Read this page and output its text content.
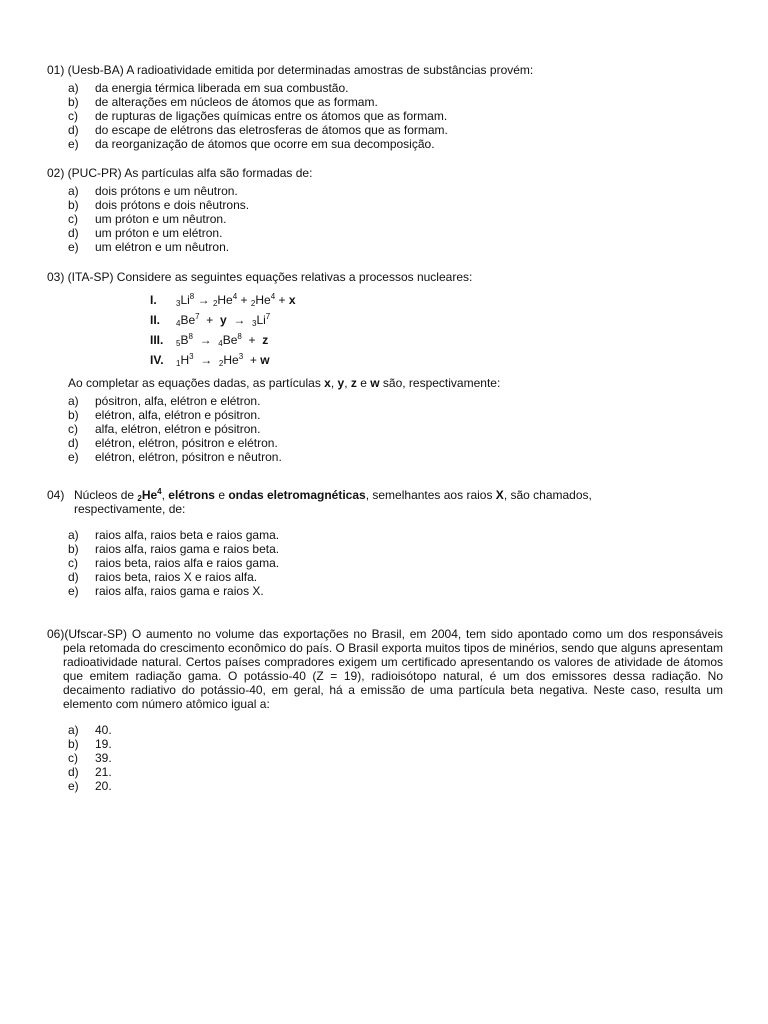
01) (Uesb-BA) A radioatividade emitida por determinadas amostras de substâncias provém:

a)	da energia térmica liberada em sua combustão.
b)	de alterações em núcleos de átomos que as formam.
c)	de rupturas de ligações químicas entre os átomos que as formam.
d)	do escape de elétrons das eletrosferas de átomos que as formam.
e)	da reorganização de átomos que ocorre em sua decomposição.

02) (PUC-PR) As partículas alfa são formadas de:

a)	dois prótons e um nêutron.
b)	dois prótons e dois nêutrons.
c)	um próton e um nêutron.
d)	um próton e um elétron.
e)	um elétron e um nêutron.

03) (ITA-SP) Considere as seguintes equações relativas a processos nucleares:

I.	$_3Li^8 \to _2He^4 + _2He^4 + x$
II.	$_4Be^7 + y \to _3Li^7$
III.	$_5B^8 \to _4Be^8 + z$
IV.	$_1H^3 \to _2He^3 + w$

Ao completar as equações dadas, as partículas x, y, z e w são, respectivamente:

a)	pósitron, alfa, elétron e elétron.
b)	elétron, alfa, elétron e pósitron.
c)	alfa, elétron, elétron e pósitron.
d)	elétron, elétron, pósitron e elétron.
e)	elétron, elétron, pósitron e nêutron.

04) Núcleos de $_2He^4$, elétrons e ondas eletromagnéticas, semelhantes aos raios X, são chamados,
respectivamente, de:

a)	raios alfa, raios beta e raios gama.
b)	raios alfa, raios gama e raios beta.
c)	raios beta, raios alfa e raios gama.
d)	raios beta, raios X e raios alfa.
e)	raios alfa, raios gama e raios X.

06)(Ufscar-SP) O aumento no volume das exportações no Brasil, em 2004, tem sido apontado como um dos responsáveis pela retomada do crescimento econômico do país. O Brasil exporta muitos tipos de minérios, sendo que alguns apresentam radioatividade natural. Certos países compradores exigem um certificado apresentando os valores de atividade de átomos que emitem radiação gama. O potássio-40 (Z = 19), radioisótopo natural, é um dos emissores dessa radiação. No decaimento radiativo do potássio-40, em geral, há a emissão de uma partícula beta negativa. Neste caso, resulta um elemento com número atômico igual a:

a)	40.
b)	19.
c)	39.
d)	21.
e)	20.
